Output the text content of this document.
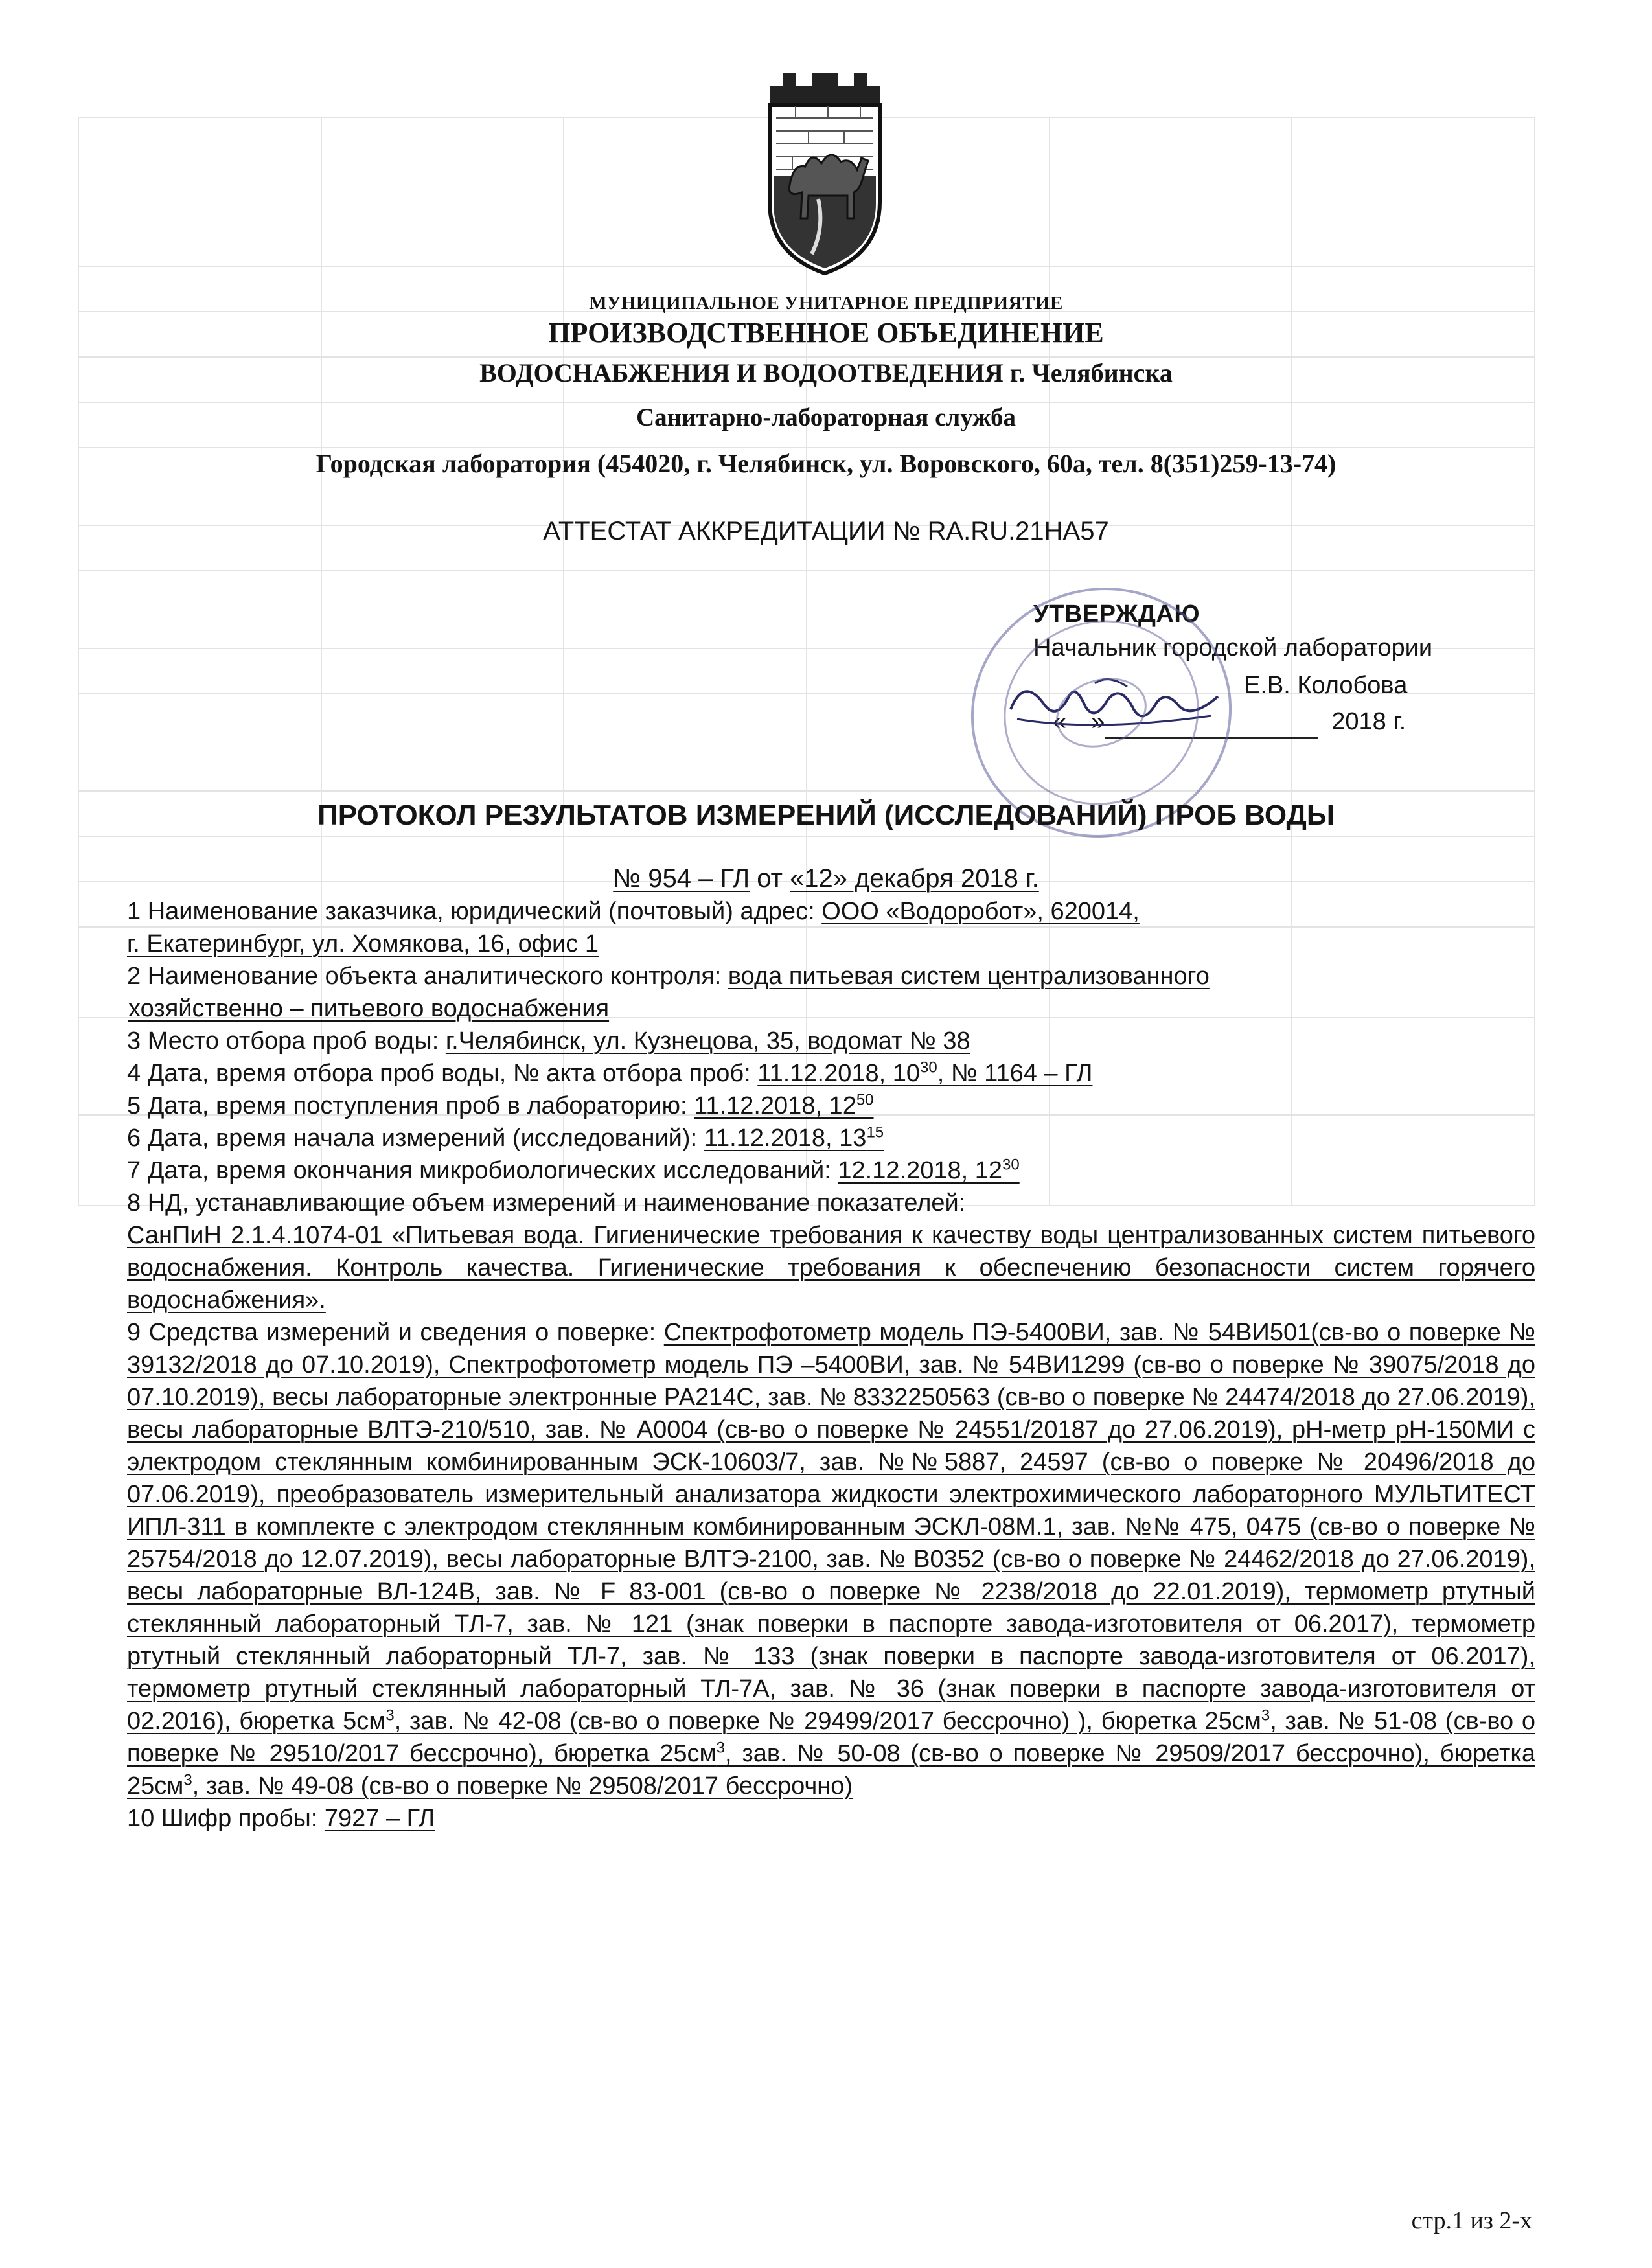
МУНИЦИПАЛЬНОЕ УНИТАРНОЕ ПРЕДПРИЯТИЕ
ПРОИЗВОДСТВЕННОЕ ОБЪЕДИНЕНИЕ
ВОДОСНАБЖЕНИЯ И ВОДООТВЕДЕНИЯ г. Челябинска
Санитарно-лабораторная служба
Городская лаборатория (454020, г. Челябинск, ул. Воровского, 60а, тел. 8(351)259-13-74)
АТТЕСТАТ АККРЕДИТАЦИИ № RA.RU.21НА57
УТВЕРЖДАЮ
Начальник городской лаборатории
Е.В. Колобова
« »	2018 г.
ПРОТОКОЛ РЕЗУЛЬТАТОВ ИЗМЕРЕНИЙ (ИССЛЕДОВАНИЙ) ПРОБ ВОДЫ
№ 954 – ГЛ от «12» декабря 2018 г.

1 Наименование заказчика, юридический (почтовый) адрес: ООО «Водоробот», 620014,

г. Екатеринбург, ул. Хомякова, 16, офис 1

2 Наименование объекта аналитического контроля: вода питьевая систем централизованного

хозяйственно – питьевого водоснабжения

3 Место отбора проб воды: г.Челябинск, ул. Кузнецова, 35, водомат № 38

4 Дата, время отбора проб воды, № акта отбора проб: 11.12.2018, $10^{30}$, № 1164 – ГЛ

5 Дата, время поступления проб в лабораторию: 11.12.2018, $12^{50}$

6 Дата, время начала измерений (исследований): 11.12.2018, $13^{15}$

7 Дата, время окончания микробиологических исследований: 12.12.2018, $12^{30}$

8 НД, устанавливающие объем измерений и наименование показателей:

СанПиН 2.1.4.1074-01 «Питьевая вода. Гигиенические требования к качеству воды централизованных систем питьевого водоснабжения. Контроль качества. Гигиенические требования к обеспечению безопасности систем горячего водоснабжения».

9 Средства измерений и сведения о поверке: Спектрофотометр модель ПЭ-5400ВИ, зав. № 54ВИ501(св-во о поверке № 39132/2018 до 07.10.2019), Спектрофотометр модель ПЭ –5400ВИ, зав. № 54ВИ1299 (св-во о поверке № 39075/2018 до 07.10.2019), весы лабораторные электронные РА214С, зав. № 8332250563 (св-во о поверке № 24474/2018 до 27.06.2019), весы лабораторные ВЛТЭ-210/510, зав. № А0004 (св-во о поверке № 24551/20187 до 27.06.2019), pH-метр pH-150МИ с электродом стеклянным комбинированным ЭСК-10603/7, зав. №№5887, 24597 (св-во о поверке № 20496/2018 до 07.06.2019), преобразователь измерительный анализатора жидкости электрохимического лабораторного МУЛЬТИТЕСТ ИПЛ-311 в комплекте с электродом стеклянным комбинированным ЭСКЛ-08М.1, зав. №№ 475, 0475 (св-во о поверке № 25754/2018 до 12.07.2019), весы лабораторные ВЛТЭ-2100, зав. № В0352 (св-во о поверке № 24462/2018 до 27.06.2019), весы лабораторные ВЛ-124В, зав. № F 83-001 (св-во о поверке № 2238/2018 до 22.01.2019), термометр ртутный стеклянный лабораторный ТЛ-7, зав. № 121 (знак поверки в паспорте завода-изготовителя от 06.2017), термометр ртутный стеклянный лабораторный ТЛ-7, зав. № 133 (знак поверки в паспорте завода-изготовителя от 06.2017), термометр ртутный стеклянный лабораторный ТЛ-7А, зав. № 36 (знак поверки в паспорте завода-изготовителя от 02.2016), бюретка $5см^3$, зав. № 42-08 (св-во о поверке № 29499/2017 бессрочно) ), бюретка $25см^3$, зав. № 51-08 (св-во о поверке № 29510/2017 бессрочно), бюретка $25см^3$, зав. № 50-08 (св-во о поверке № 29509/2017 бессрочно), бюретка $25см^3$, зав. № 49-08 (св-во о поверке № 29508/2017 бессрочно)

10 Шифр пробы: 7927 – ГЛ

стр.1 из 2-х
